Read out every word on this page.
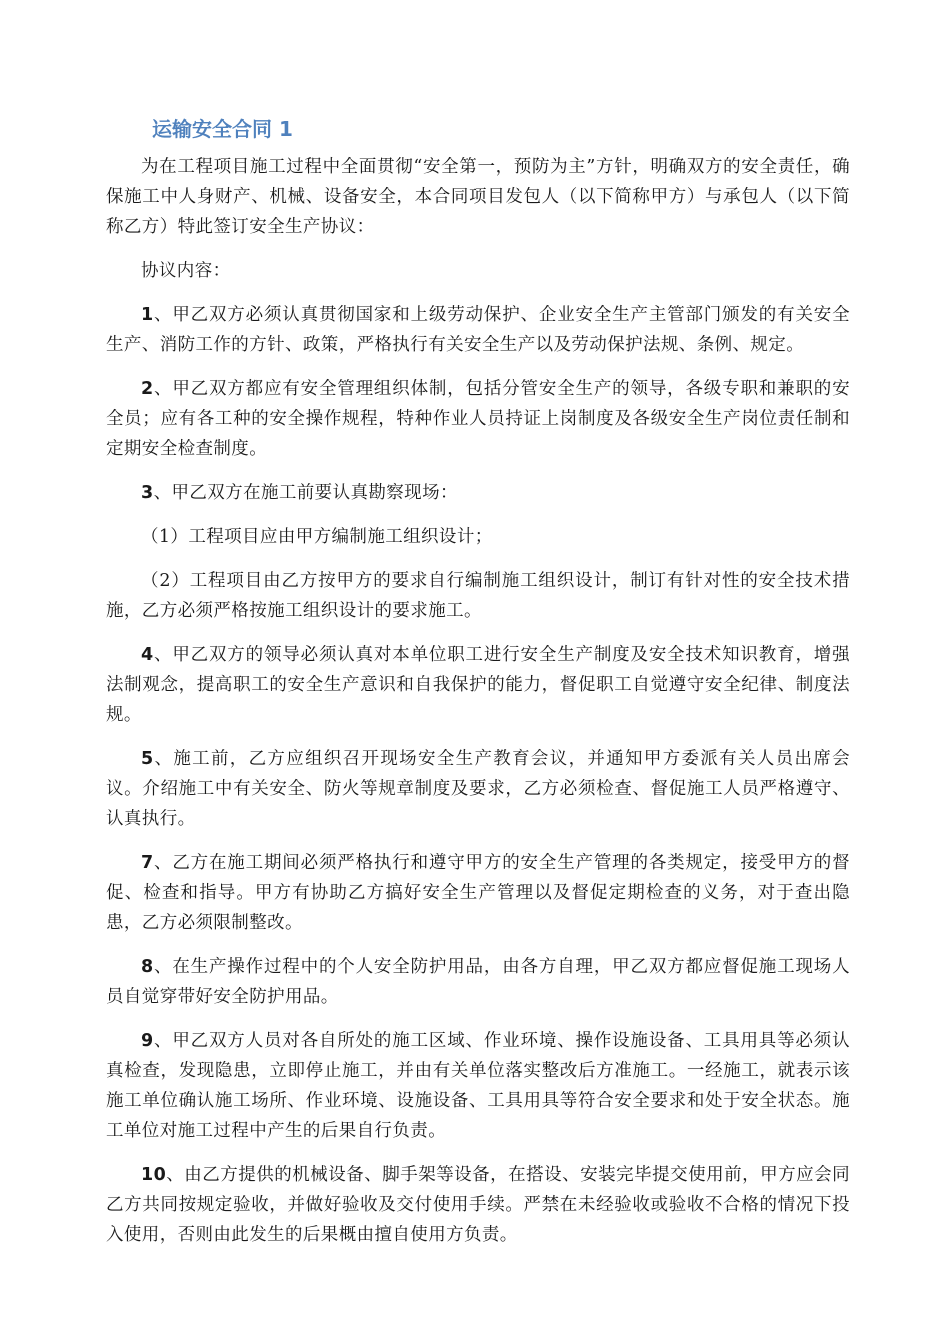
运输安全合同 1

为在工程项目施工过程中全面贯彻“安全第一，预防为主”方针，明确双方的安全责任，确保施工中人身财产、机械、设备安全，本合同项目发包人（以下简称甲方）与承包人（以下简称乙方）特此签订安全生产协议：

协议内容：

1、甲乙双方必须认真贯彻国家和上级劳动保护、企业安全生产主管部门颁发的有关安全生产、消防工作的方针、政策，严格执行有关安全生产以及劳动保护法规、条例、规定。

2、甲乙双方都应有安全管理组织体制，包括分管安全生产的领导，各级专职和兼职的安全员；应有各工种的安全操作规程，特种作业人员持证上岗制度及各级安全生产岗位责任制和定期安全检查制度。

3、甲乙双方在施工前要认真勘察现场：

（1）工程项目应由甲方编制施工组织设计；

（2）工程项目由乙方按甲方的要求自行编制施工组织设计，制订有针对性的安全技术措施，乙方必须严格按施工组织设计的要求施工。

4、甲乙双方的领导必须认真对本单位职工进行安全生产制度及安全技术知识教育，增强法制观念，提高职工的安全生产意识和自我保护的能力，督促职工自觉遵守安全纪律、制度法规。

5、施工前，乙方应组织召开现场安全生产教育会议，并通知甲方委派有关人员出席会议。介绍施工中有关安全、防火等规章制度及要求，乙方必须检查、督促施工人员严格遵守、认真执行。

7、乙方在施工期间必须严格执行和遵守甲方的安全生产管理的各类规定，接受甲方的督促、检查和指导。甲方有协助乙方搞好安全生产管理以及督促定期检查的义务，对于查出隐患，乙方必须限制整改。

8、在生产操作过程中的个人安全防护用品，由各方自理，甲乙双方都应督促施工现场人员自觉穿带好安全防护用品。

9、甲乙双方人员对各自所处的施工区域、作业环境、操作设施设备、工具用具等必须认真检查，发现隐患，立即停止施工，并由有关单位落实整改后方准施工。一经施工，就表示该施工单位确认施工场所、作业环境、设施设备、工具用具等符合安全要求和处于安全状态。施工单位对施工过程中产生的后果自行负责。

10、由乙方提供的机械设备、脚手架等设备，在搭设、安装完毕提交使用前，甲方应会同乙方共同按规定验收，并做好验收及交付使用手续。严禁在未经验收或验收不合格的情况下投入使用，否则由此发生的后果概由擅自使用方负责。
